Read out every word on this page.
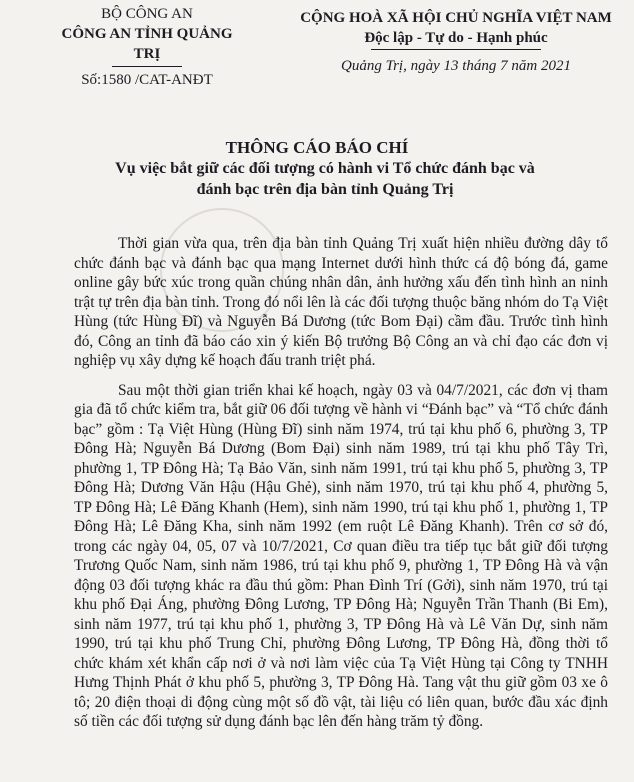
BỘ CÔNG AN
CÔNG AN TỈNH QUẢNG TRỊ
Số:1580 /CAT-ANĐT
CỘNG HOÀ XÃ HỘI CHỦ NGHĨA VIỆT NAM
Độc lập - Tự do - Hạnh phúc
Quảng Trị, ngày 13 tháng 7 năm 2021
THÔNG CÁO BÁO CHÍ
Vụ việc bắt giữ các đối tượng có hành vi Tổ chức đánh bạc và đánh bạc trên địa bàn tỉnh Quảng Trị

Thời gian vừa qua, trên địa bàn tỉnh Quảng Trị xuất hiện nhiều đường dây tổ chức đánh bạc và đánh bạc qua mạng Internet dưới hình thức cá độ bóng đá, game online gây bức xúc trong quần chúng nhân dân, ảnh hưởng xấu đến tình hình an ninh trật tự trên địa bàn tỉnh. Trong đó nổi lên là các đối tượng thuộc băng nhóm do Tạ Việt Hùng (tức Hùng Đĩ) và Nguyễn Bá Dương (tức Bom Đại) cầm đầu. Trước tình hình đó, Công an tỉnh đã báo cáo xin ý kiến Bộ trưởng Bộ Công an và chỉ đạo các đơn vị nghiệp vụ xây dựng kế hoạch đấu tranh triệt phá.

Sau một thời gian triển khai kế hoạch, ngày 03 và 04/7/2021, các đơn vị tham gia đã tổ chức kiểm tra, bắt giữ 06 đối tượng về hành vi “Đánh bạc” và “Tổ chức đánh bạc” gồm : Tạ Việt Hùng (Hùng Đĩ) sinh năm 1974, trú tại khu phố 6, phường 3, TP Đông Hà; Nguyễn Bá Dương (Bom Đại) sinh năm 1989, trú tại khu phố Tây Trì, phường 1, TP Đông Hà; Tạ Bảo Văn, sinh năm 1991, trú tại khu phố 5, phường 3, TP Đông Hà; Dương Văn Hậu (Hậu Ghẻ), sinh năm 1970, trú tại khu phố 4, phường 5, TP Đông Hà; Lê Đăng Khanh (Hem), sinh năm 1990, trú tại khu phố 1, phường 1, TP Đông Hà; Lê Đăng Kha, sinh năm 1992 (em ruột Lê Đăng Khanh). Trên cơ sở đó, trong các ngày 04, 05, 07 và 10/7/2021, Cơ quan điều tra tiếp tục bắt giữ đối tượng Trương Quốc Nam, sinh năm 1986, trú tại khu phố 9, phường 1, TP Đông Hà và vận động 03 đối tượng khác ra đầu thú gồm: Phan Đình Trí (Gởi), sinh năm 1970, trú tại khu phố Đại Áng, phường Đông Lương, TP Đông Hà; Nguyễn Trần Thanh (Bi Em), sinh năm 1977, trú tại khu phố 1, phường 3, TP Đông Hà và Lê Văn Dự, sinh năm 1990, trú tại khu phố Trung Chỉ, phường Đông Lương, TP Đông Hà, đồng thời tổ chức khám xét khẩn cấp nơi ở và nơi làm việc của Tạ Việt Hùng tại Công ty TNHH Hưng Thịnh Phát ở khu phố 5, phường 3, TP Đông Hà. Tang vật thu giữ gồm 03 xe ô tô; 20 điện thoại di động cùng một số đồ vật, tài liệu có liên quan, bước đầu xác định số tiền các đối tượng sử dụng đánh bạc lên đến hàng trăm tỷ đồng.
